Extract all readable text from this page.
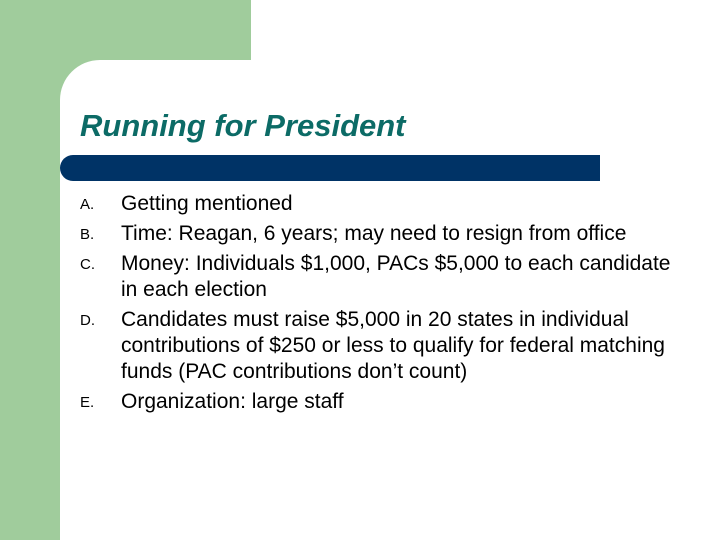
Running for President
A. Getting mentioned
B. Time: Reagan, 6 years; may need to resign from office
C. Money: Individuals $1,000, PACs $5,000 to each candidate in each election
D. Candidates must raise $5,000 in 20 states in individual contributions of $250 or less to qualify for federal matching funds (PAC contributions don’t count)
E. Organization: large staff
